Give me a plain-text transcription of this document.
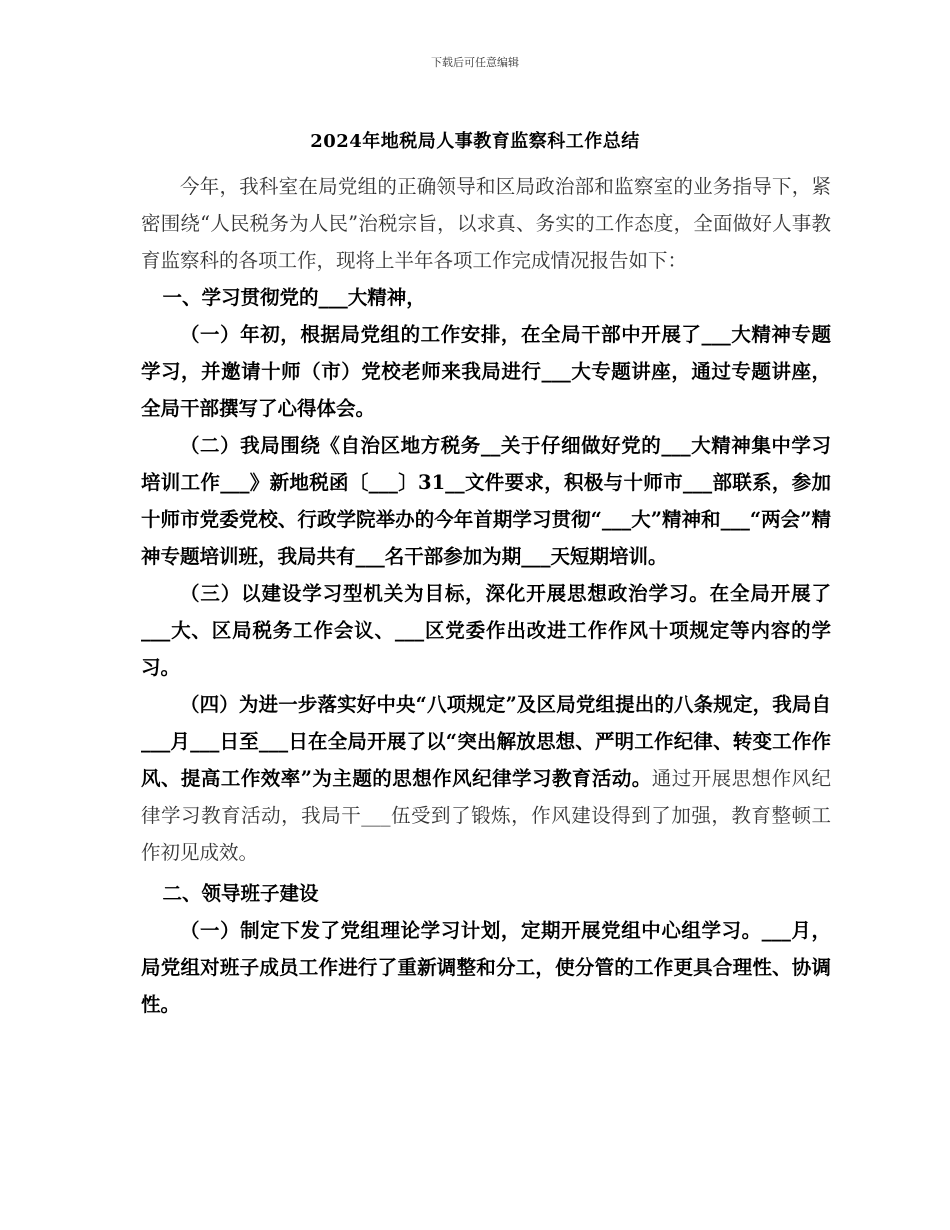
下载后可任意编辑
2024年地税局人事教育监察科工作总结

今年，我科室在局党组的正确领导和区局政治部和监察室的业务指导下，紧密围绕“人民税务为人民”治税宗旨，以求真、务实的工作态度，全面做好人事教育监察科的各项工作，现将上半年各项工作完成情况报告如下：

一、学习贯彻党的___大精神，

（一）年初，根据局党组的工作安排，在全局干部中开展了___大精神专题学习，并邀请十师（市）党校老师来我局进行___大专题讲座，通过专题讲座，全局干部撰写了心得体会。

（二）我局围绕《自治区地方税务__关于仔细做好党的___大精神集中学习培训工作___》新地税函〔___〕31__文件要求，积极与十师市___部联系，参加十师市党委党校、行政学院举办的今年首期学习贯彻“___大”精神和___“两会”精神专题培训班，我局共有___名干部参加为期___天短期培训。

（三）以建设学习型机关为目标，深化开展思想政治学习。在全局开展了___大、区局税务工作会议、___区党委作出改进工作作风十项规定等内容的学习。

（四）为进一步落实好中央“八项规定”及区局党组提出的八条规定，我局自___月___日至___日在全局开展了以“突出解放思想、严明工作纪律、转变工作作风、提高工作效率”为主题的思想作风纪律学习教育活动。通过开展思想作风纪律学习教育活动，我局干___伍受到了锻炼，作风建设得到了加强，教育整顿工作初见成效。

二、领导班子建设

（一）制定下发了党组理论学习计划，定期开展党组中心组学习。___月，局党组对班子成员工作进行了重新调整和分工，使分管的工作更具合理性、协调性。
